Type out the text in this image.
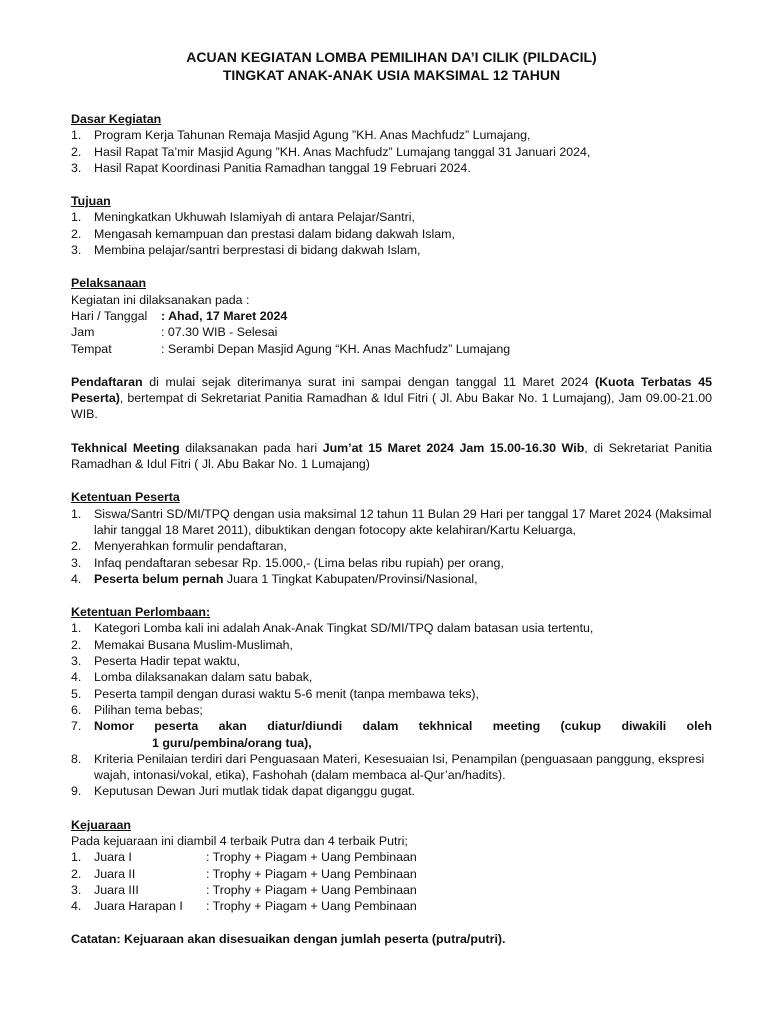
ACUAN KEGIATAN LOMBA PEMILIHAN DA’I CILIK (PILDACIL)
TINGKAT ANAK-ANAK USIA MAKSIMAL 12 TAHUN
Dasar Kegiatan
1.	Program Kerja Tahunan Remaja Masjid Agung ”KH. Anas Machfudz” Lumajang,
2.	Hasil Rapat Ta’mir Masjid Agung ”KH. Anas Machfudz” Lumajang tanggal 31 Januari 2024,
3.	Hasil Rapat Koordinasi Panitia Ramadhan tanggal 19 Februari 2024.
Tujuan
1.	Meningkatkan Ukhuwah Islamiyah di antara Pelajar/Santri,
2.	Mengasah kemampuan dan prestasi dalam bidang dakwah Islam,
3.	Membina pelajar/santri berprestasi di bidang dakwah Islam,
Pelaksanaan
Kegiatan ini dilaksanakan pada :
Hari / Tanggal	: Ahad, 17 Maret 2024
Jam	: 07.30 WIB - Selesai
Tempat	: Serambi Depan Masjid Agung “KH. Anas Machfudz” Lumajang
Pendaftaran di mulai sejak diterimanya surat ini sampai dengan tanggal 11 Maret 2024 (Kuota Terbatas 45 Peserta), bertempat di Sekretariat Panitia Ramadhan & Idul Fitri ( Jl. Abu Bakar No. 1 Lumajang), Jam 09.00-21.00 WIB.
Tekhnical Meeting dilaksanakan pada hari Jum’at 15 Maret 2024 Jam 15.00-16.30 Wib, di Sekretariat Panitia Ramadhan & Idul Fitri ( Jl. Abu Bakar No. 1 Lumajang)
Ketentuan Peserta
1.	Siswa/Santri SD/MI/TPQ dengan usia maksimal 12 tahun 11 Bulan 29 Hari per tanggal 17 Maret 2024 (Maksimal lahir tanggal 18 Maret 2011), dibuktikan dengan fotocopy akte kelahiran/Kartu Keluarga,
2.	Menyerahkan formulir pendaftaran,
3.	Infaq pendaftaran sebesar Rp. 15.000,- (Lima belas ribu rupiah) per orang,
4.	Peserta belum pernah Juara 1 Tingkat Kabupaten/Provinsi/Nasional,
Ketentuan Perlombaan:
1.	Kategori Lomba kali ini adalah Anak-Anak Tingkat SD/MI/TPQ dalam batasan usia tertentu,
2.	Memakai Busana Muslim-Muslimah,
3.	Peserta Hadir tepat waktu,
4.	Lomba dilaksanakan dalam satu babak,
5.	Peserta tampil dengan durasi waktu 5-6 menit (tanpa membawa teks),
6.	Pilihan tema bebas;
7.	Nomor peserta akan diatur/diundi dalam tekhnical meeting (cukup diwakili oleh
1 guru/pembina/orang tua),
8.	Kriteria Penilaian terdiri dari Penguasaan Materi, Kesesuaian Isi, Penampilan (penguasaan panggung, ekspresi wajah, intonasi/vokal, etika), Fashohah (dalam membaca al-Qur’an/hadits).
9.	Keputusan Dewan Juri mutlak tidak dapat diganggu gugat.
Kejuaraan
Pada kejuaraan ini diambil 4 terbaik Putra dan 4 terbaik Putri;
1.	Juara I	: Trophy + Piagam + Uang Pembinaan
2.	Juara II	: Trophy + Piagam + Uang Pembinaan
3.	Juara III	: Trophy + Piagam + Uang Pembinaan
4.	Juara Harapan I	: Trophy + Piagam + Uang Pembinaan
Catatan: Kejuaraan akan disesuaikan dengan jumlah peserta (putra/putri).
